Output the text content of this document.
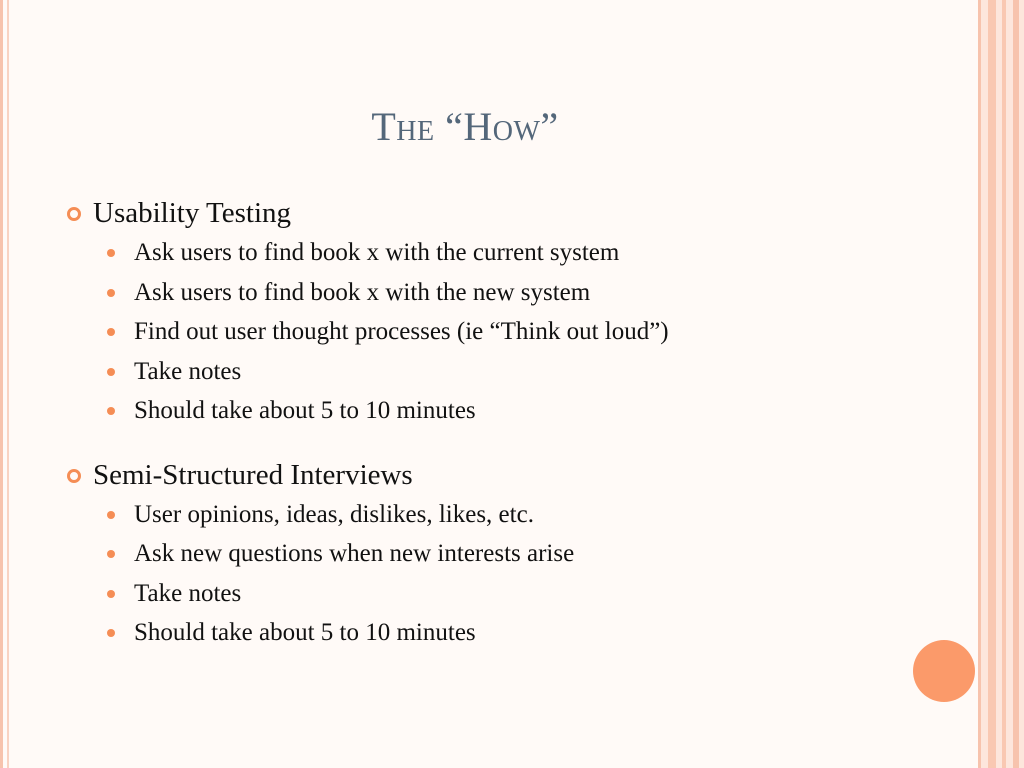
The “How”
Usability Testing
Ask users to find book x with the current system
Ask users to find book x with the new system
Find out user thought processes (ie “Think out loud”)
Take notes
Should take about 5 to 10 minutes
Semi-Structured Interviews
User opinions, ideas, dislikes, likes, etc.
Ask new questions when new interests arise
Take notes
Should take about 5 to 10 minutes
